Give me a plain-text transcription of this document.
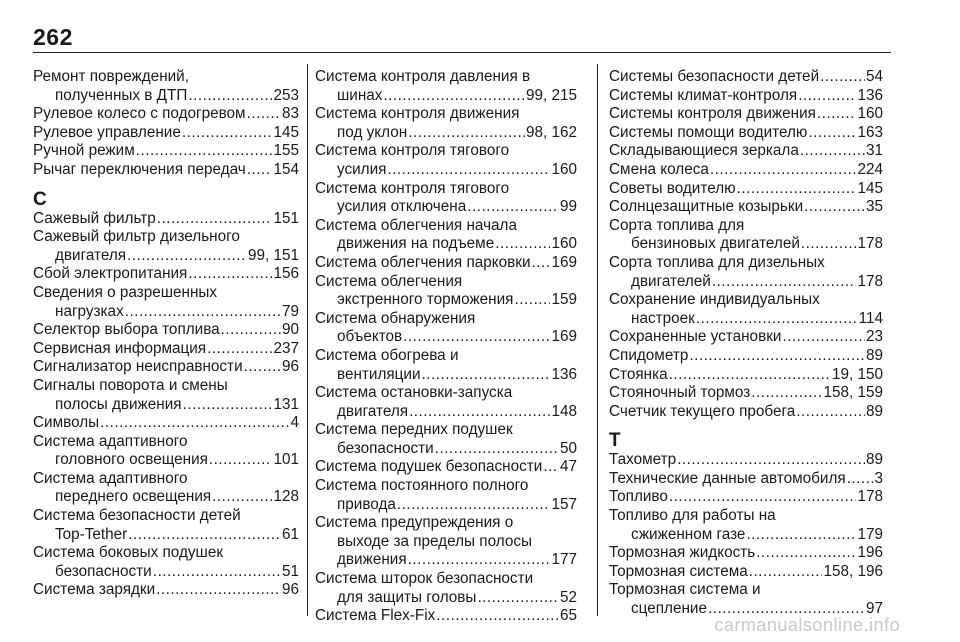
262
Ремонт повреждений,
полученных в ДТП .....	253
Рулевое колесо с подогревом ..... 83
Рулевое управление .....	145
Ручной режим .....	155
Рычаг переключения передач ..... 154
С
Сажевый фильтр .....	151
Сажевый фильтр дизельного
двигателя .....	99, 151
Сбой электропитания .....	156
Сведения о разрешенных
нагрузках .....	79
Селектор выбора топлива .....	90
Сервисная информация .....	237
Сигнализатор неисправности .....	96
Сигналы поворота и смены
полосы движения .....	131
Символы .....	4
Система адаптивного
головного освещения .....	101
Система адаптивного
переднего освещения .....	128
Система безопасности детей
Top-Tether .....	61
Система боковых подушек
безопасности .....	51
Система зарядки .....	96
Система контроля давления в
шинах .....	99, 215
Система контроля движения
под уклон .....	98, 162
Система контроля тягового
усилия .....	160
Система контроля тягового
усилия отключена .....	99
Система облегчения начала
движения на подъеме .....	160
Система облегчения парковки ..... 169
Система облегчения
экстренного торможения ..... 159
Система обнаружения
объектов .....	169
Система обогрева и
вентиляции .....	136
Система остановки-запуска
двигателя .....	148
Система передних подушек
безопасности .....	50
Система подушек безопасности ..... 47
Система постоянного полного
привода .....	157
Система предупреждения о
выходе за пределы полосы
движения .....	177
Система шторок безопасности
для защиты головы .....	52
Система Flex-Fix .....	65
Системы безопасности детей .....	54
Системы климат-контроля .....	136
Системы контроля движения .....	160
Системы помощи водителю .....	163
Складывающиеся зеркала .....	31
Смена колеса .....	224
Советы водителю .....	145
Солнцезащитные козырьки .....	35
Сорта топлива для
бензиновых двигателей .....	178
Сорта топлива для дизельных
двигателей .....	178
Сохранение индивидуальных
настроек .....	114
Сохраненные установки .....	23
Спидометр .....	89
Стоянка .....	19, 150
Стояночный тормоз .....	158, 159
Счетчик текущего пробега .....	89
Т
Тахометр .....	89
Технические данные автомобиля ..... 3
Топливо .....	178
Топливо для работы на
сжиженном газе .....	179
Тормозная жидкость .....	196
Тормозная система .....	158, 196
Тормозная система и
сцепление .....	97
carmanualsonline.info
